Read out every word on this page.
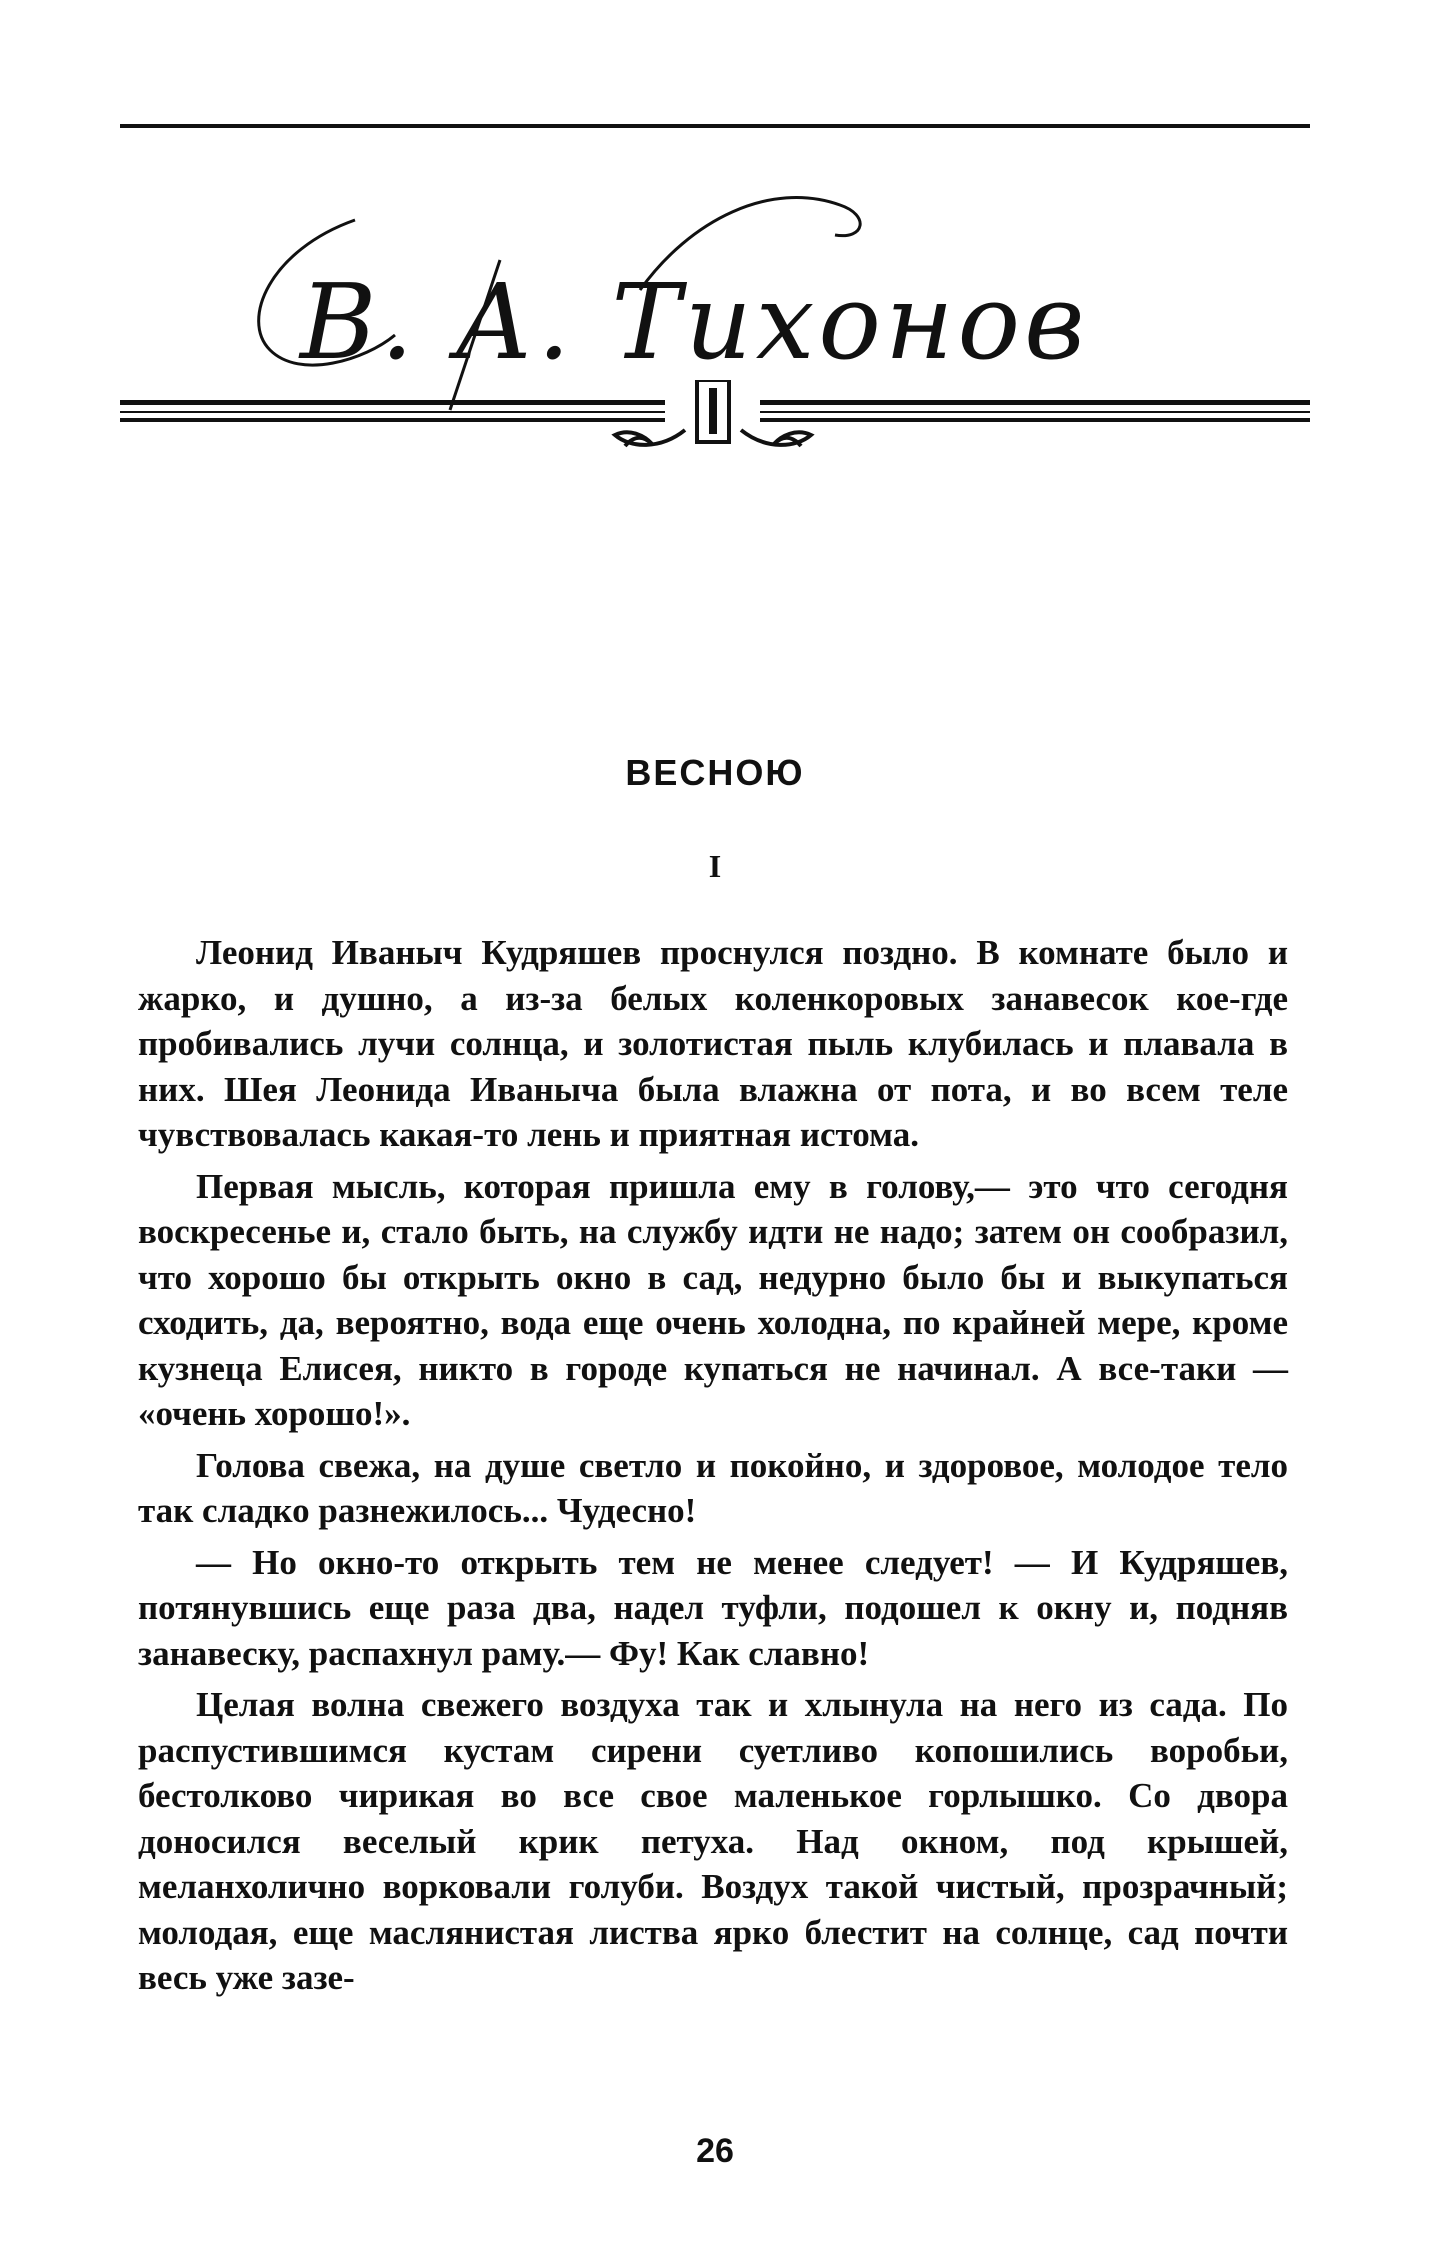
В. А. Тихонов
ВЕСНОЮ
I

Леонид Иваныч Кудряшев проснулся поздно. В комнате было и жарко, и душно, а из-за белых коленкоровых занавесок кое-где пробивались лучи солнца, и золотистая пыль клубилась и плавала в них. Шея Леонида Иваныча была влажна от пота, и во всем теле чувствовалась какая-то лень и приятная истома.

Первая мысль, которая пришла ему в голову,— это что сегодня воскресенье и, стало быть, на службу идти не надо; затем он сообразил, что хорошо бы открыть окно в сад, недурно было бы и выкупаться сходить, да, вероятно, вода еще очень холодна, по крайней мере, кроме кузнеца Елисея, никто в городе купаться не начинал. А все-таки — «очень хорошо!».

Голова свежа, на душе светло и покойно, и здоровое, молодое тело так сладко разнежилось... Чудесно!

— Но окно-то открыть тем не менее следует! — И Кудряшев, потянувшись еще раза два, надел туфли, подошел к окну и, подняв занавеску, распахнул раму.— Фу! Как славно!

Целая волна свежего воздуха так и хлынула на него из сада. По распустившимся кустам сирени суетливо копошились воробьи, бестолково чирикая во все свое маленькое горлышко. Со двора доносился веселый крик петуха. Над окном, под крышей, меланхолично ворковали голуби. Воздух такой чистый, прозрачный; молодая, еще маслянистая листва ярко блестит на солнце, сад почти весь уже зазе-

26
